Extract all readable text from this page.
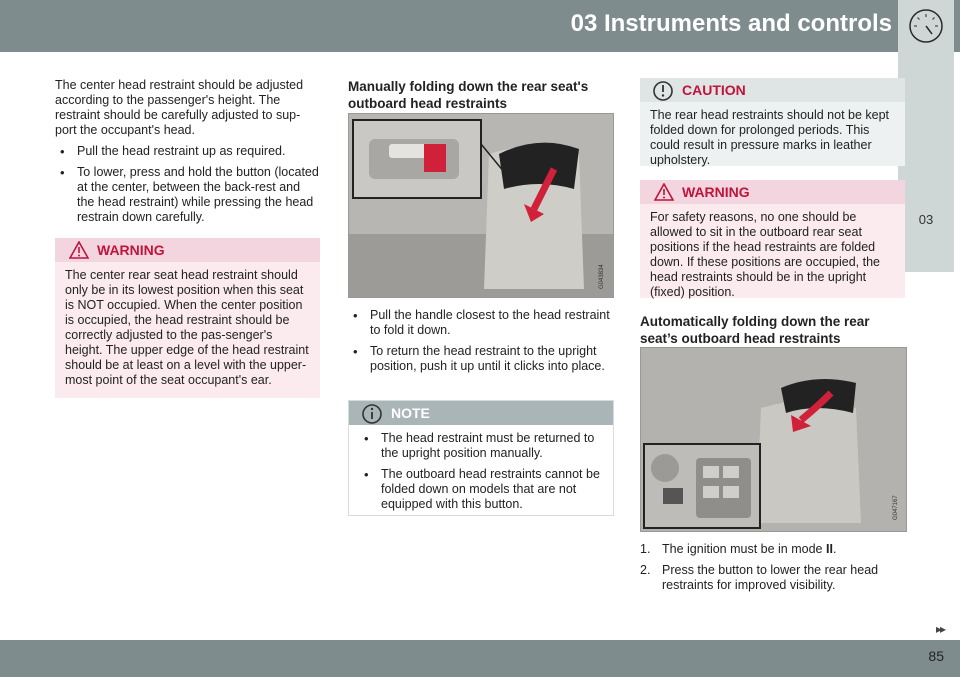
03 Instruments and controls
03

The center head restraint should be adjusted according to the passenger's height. The restraint should be carefully adjusted to sup-port the occupant's head.

• Pull the head restraint up as required.
• To lower, press and hold the button (located at the center, between the back-rest and the head restraint) while pressing the head restrain down carefully.
WARNING
The center rear seat head restraint should only be in its lowest position when this seat is NOT occupied. When the center position is occupied, the head restraint should be correctly adjusted to the pas-senger's height. The upper edge of the head restraint should be at least on a level with the upper-most point of the seat occupant's ear.
Manually folding down the rear seat's outboard head restraints
G043834
• Pull the handle closest to the head restraint to fold it down.
• To return the head restraint to the upright position, push it up until it clicks into place.
NOTE
• The head restraint must be returned to the upright position manually.
• The outboard head restraints cannot be folded down on models that are not equipped with this button.
CAUTION
The rear head restraints should not be kept folded down for prolonged periods. This could result in pressure marks in leather upholstery.
WARNING
For safety reasons, no one should be allowed to sit in the outboard rear seat positions if the head restraints are folded down. If these positions are occupied, the head restraints should be in the upright (fixed) position.
Automatically folding down the rear seat’s outboard head restraints
G047167
1. The ignition must be in mode II.
2. Press the button to lower the rear head restraints for improved visibility.
▸▸
85
